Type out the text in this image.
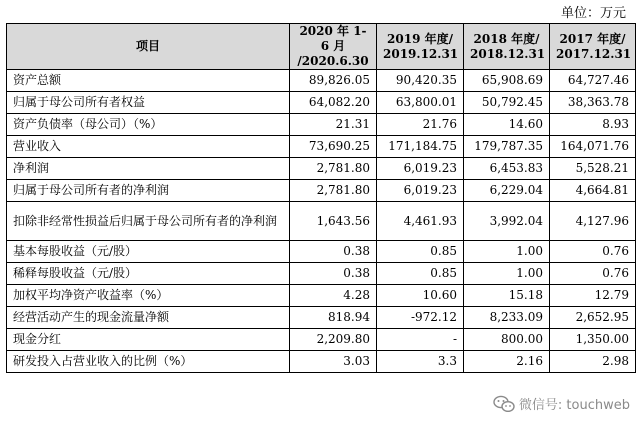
单位：万元
项目	2020 年 1-6 月 /2020.6.30	2019 年度/ 2019.12.31	2018 年度/ 2018.12.31	2017 年度/ 2017.12.31
资产总额	89,826.05	90,420.35	65,908.69	64,727.46
归属于母公司所有者权益	64,082.20	63,800.01	50,792.45	38,363.78
资产负债率（母公司）（%）	21.31	21.76	14.60	8.93
营业收入	73,690.25	171,184.75	179,787.35	164,071.76
净利润	2,781.80	6,019.23	6,453.83	5,528.21
归属于母公司所有者的净利润	2,781.80	6,019.23	6,229.04	4,664.81
扣除非经常性损益后归属于母公司所有者的净利润	1,643.56	4,461.93	3,992.04	4,127.96
基本每股收益（元/股）	0.38	0.85	1.00	0.76
稀释每股收益（元/股）	0.38	0.85	1.00	0.76
加权平均净资产收益率（%）	4.28	10.60	15.18	12.79
经营活动产生的现金流量净额	818.94	-972.12	8,233.09	2,652.95
现金分红	2,209.80	-	800.00	1,350.00
研发投入占营业收入的比例（%）	3.03	3.3	2.16	2.98
微信号: touchweb
